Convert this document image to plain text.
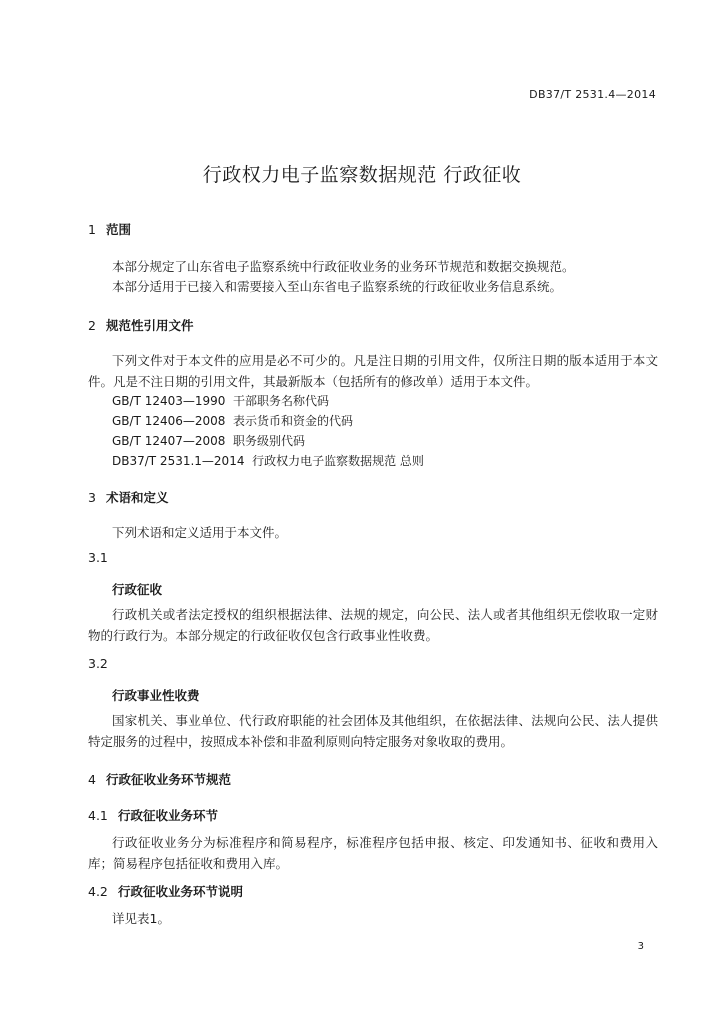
DB37/T 2531.4—2014
行政权力电子监察数据规范 行政征收
1 范围
本部分规定了山东省电子监察系统中行政征收业务的业务环节规范和数据交换规范。
本部分适用于已接入和需要接入至山东省电子监察系统的行政征收业务信息系统。
2 规范性引用文件
下列文件对于本文件的应用是必不可少的。凡是注日期的引用文件，仅所注日期的版本适用于本文件。凡是不注日期的引用文件，其最新版本（包括所有的修改单）适用于本文件。
GB/T 12403—1990  干部职务名称代码
GB/T 12406—2008  表示货币和资金的代码
GB/T 12407—2008  职务级别代码
DB37/T 2531.1—2014  行政权力电子监察数据规范 总则
3 术语和定义
下列术语和定义适用于本文件。
3.1
行政征收
行政机关或者法定授权的组织根据法律、法规的规定，向公民、法人或者其他组织无偿收取一定财物的行政行为。本部分规定的行政征收仅包含行政事业性收费。
3.2
行政事业性收费
国家机关、事业单位、代行政府职能的社会团体及其他组织，在依据法律、法规向公民、法人提供特定服务的过程中，按照成本补偿和非盈利原则向特定服务对象收取的费用。
4 行政征收业务环节规范
4.1 行政征收业务环节
行政征收业务分为标准程序和简易程序，标准程序包括申报、核定、印发通知书、征收和费用入库；简易程序包括征收和费用入库。
4.2 行政征收业务环节说明
详见表1。
3
